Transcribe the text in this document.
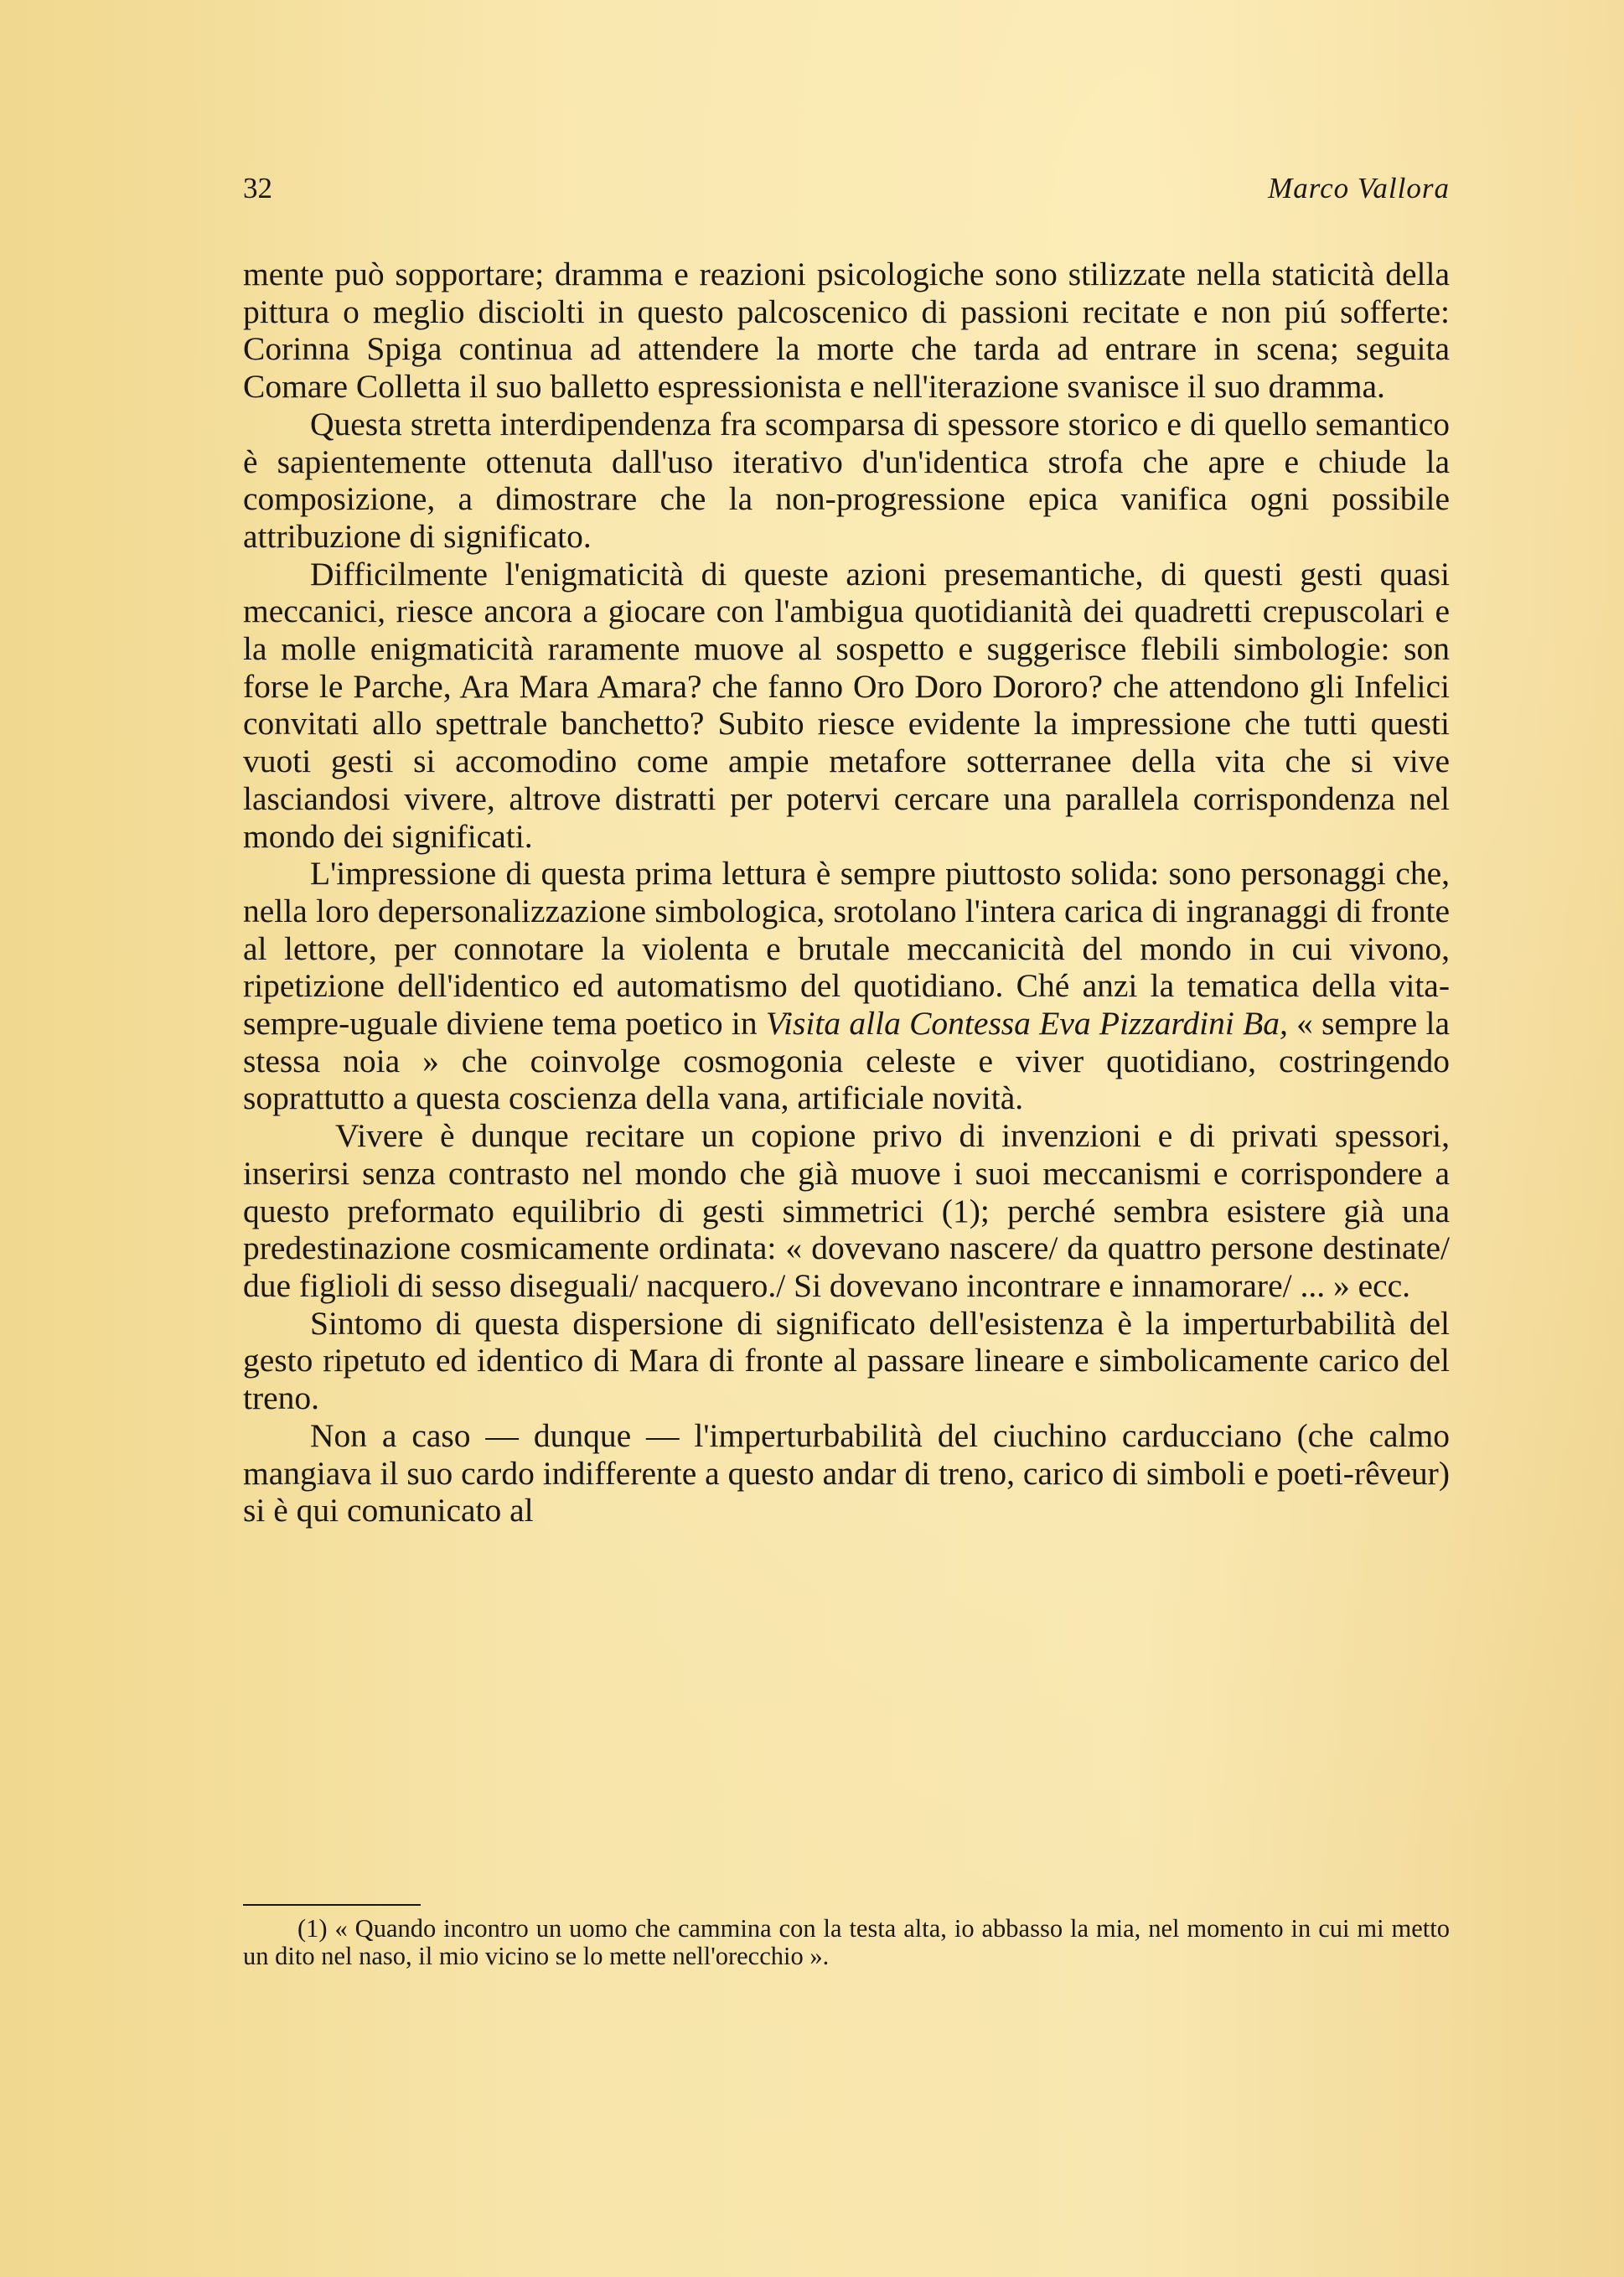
32	Marco Vallora

mente può sopportare; dramma e reazioni psicologiche sono stilizzate nella staticità della pittura o meglio disciolti in questo palcoscenico di passioni recitate e non piú sofferte: Corinna Spiga continua ad attendere la morte che tarda ad entrare in scena; seguita Comare Colletta il suo balletto espressionista e nell'iterazione svanisce il suo dramma.

Questa stretta interdipendenza fra scomparsa di spessore storico e di quello semantico è sapientemente ottenuta dall'uso iterativo d'un'identica strofa che apre e chiude la composizione, a dimostrare che la non-progressione epica vanifica ogni possibile attribuzione di significato.

Difficilmente l'enigmaticità di queste azioni presemantiche, di questi gesti quasi meccanici, riesce ancora a giocare con l'ambigua quotidianità dei quadretti crepuscolari e la molle enigmaticità raramente muove al sospetto e suggerisce flebili simbologie: son forse le Parche, Ara Mara Amara? che fanno Oro Doro Dororo? che attendono gli Infelici convitati allo spettrale banchetto? Subito riesce evidente la impressione che tutti questi vuoti gesti si accomodino come ampie metafore sotterranee della vita che si vive lasciandosi vivere, altrove distratti per potervi cercare una parallela corrispondenza nel mondo dei significati.

L'impressione di questa prima lettura è sempre piuttosto solida: sono personaggi che, nella loro depersonalizzazione simbologica, srotolano l'intera carica di ingranaggi di fronte al lettore, per connotare la violenta e brutale meccanicità del mondo in cui vivono, ripetizione dell'identico ed automatismo del quotidiano. Ché anzi la tematica della vita-sempre-uguale diviene tema poetico in Visita alla Contessa Eva Pizzardini Ba, « sempre la stessa noia » che coinvolge cosmogonia celeste e viver quotidiano, costringendo soprattutto a questa coscienza della vana, artificiale novità.

Vivere è dunque recitare un copione privo di invenzioni e di privati spessori, inserirsi senza contrasto nel mondo che già muove i suoi meccanismi e corrispondere a questo preformato equilibrio di gesti simmetrici (1); perché sembra esistere già una predestinazione cosmicamente ordinata: « dovevano nascere/ da quattro persone destinate/ due figlioli di sesso diseguali/ nacquero./ Si dovevano incontrare e innamorare/ ... » ecc.

Sintomo di questa dispersione di significato dell'esistenza è la imperturbabilità del gesto ripetuto ed identico di Mara di fronte al passare lineare e simbolicamente carico del treno.

Non a caso — dunque — l'imperturbabilità del ciuchino carducciano (che calmo mangiava il suo cardo indifferente a questo andar di treno, carico di simboli e poeti-rêveur) si è qui comunicato al

(1) « Quando incontro un uomo che cammina con la testa alta, io abbasso la mia, nel momento in cui mi metto un dito nel naso, il mio vicino se lo mette nell'orecchio ».
